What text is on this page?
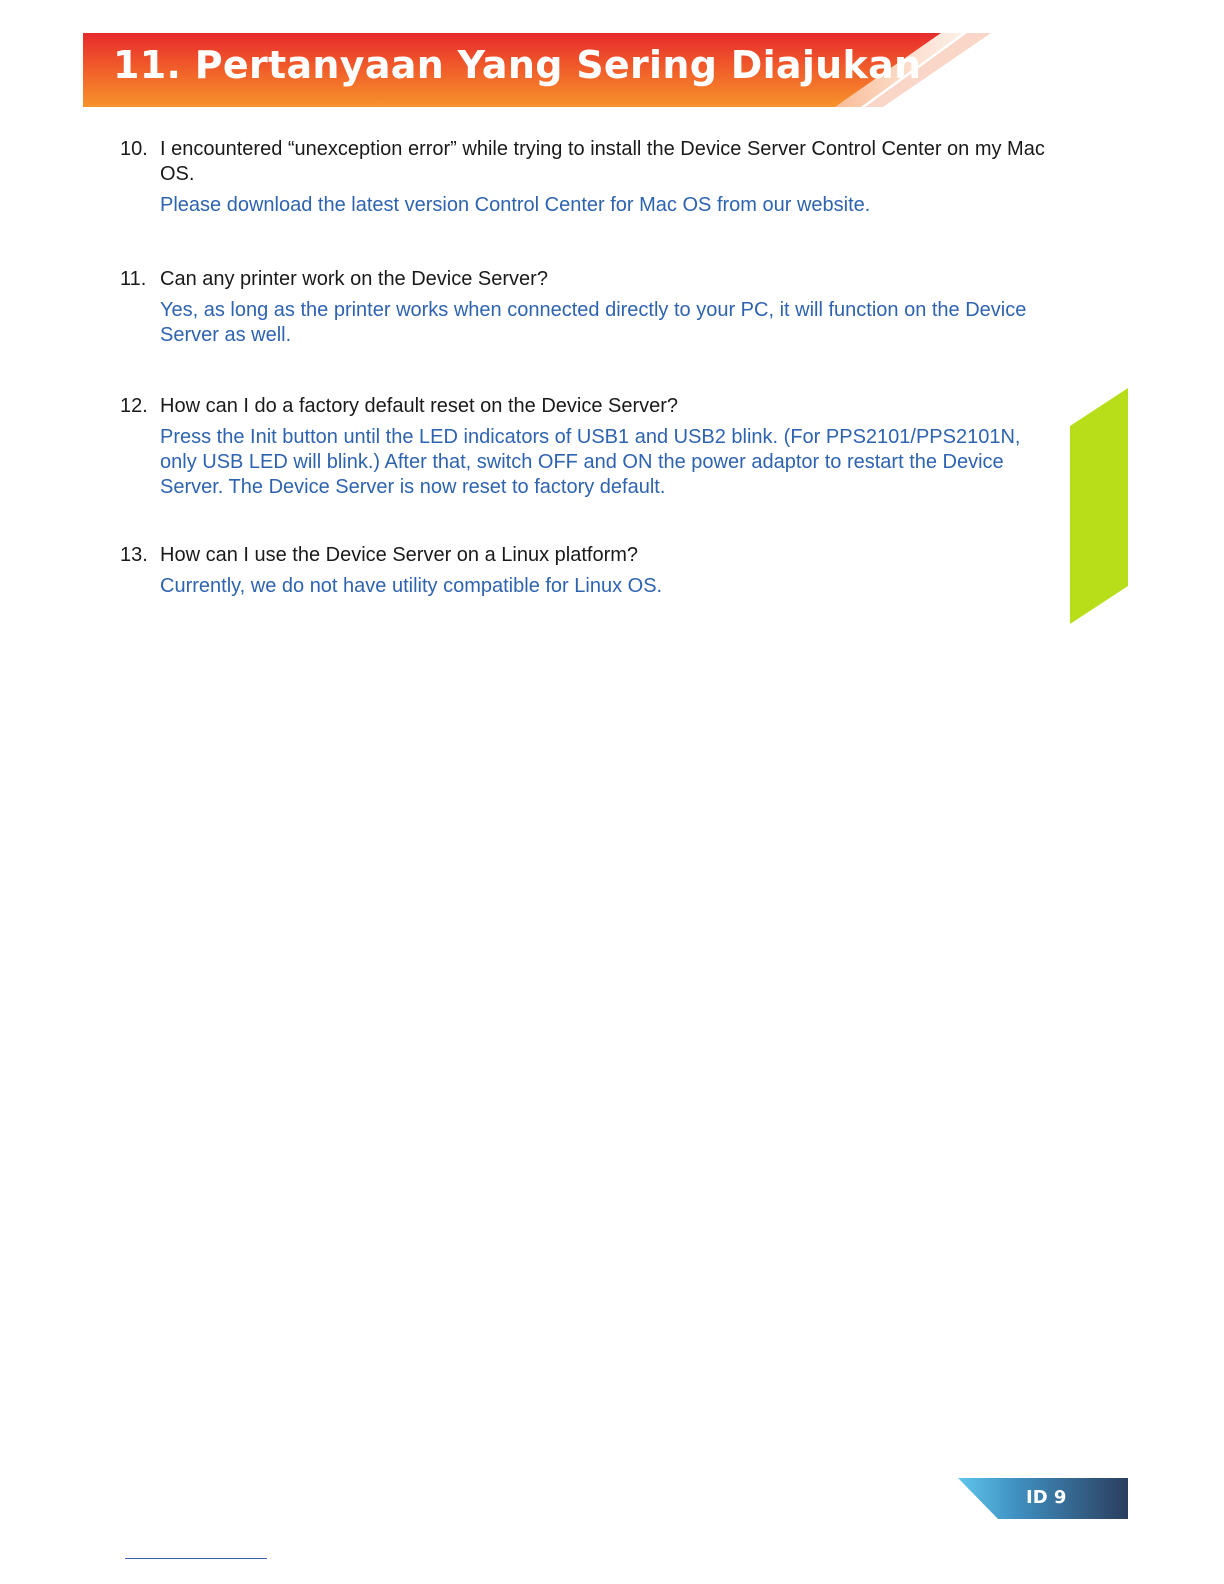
11. Pertanyaan Yang Sering Diajukan
10. I encountered “unexception error” while trying to install the Device Server Control Center on my Mac OS.

Please download the latest version Control Center for Mac OS from our website.

11. Can any printer work on the Device Server?

Yes, as long as the printer works when connected directly to your PC, it will function on the Device Server as well.

12. How can I do a factory default reset on the Device Server?

Press the Init button until the LED indicators of USB1 and USB2 blink. (For PPS2101/PPS2101N, only USB LED will blink.) After that, switch OFF and ON the power adaptor to restart the Device Server. The Device Server is now reset to factory default.

13. How can I use the Device Server on a Linux platform?

Currently, we do not have utility compatible for Linux OS.

ID 9
